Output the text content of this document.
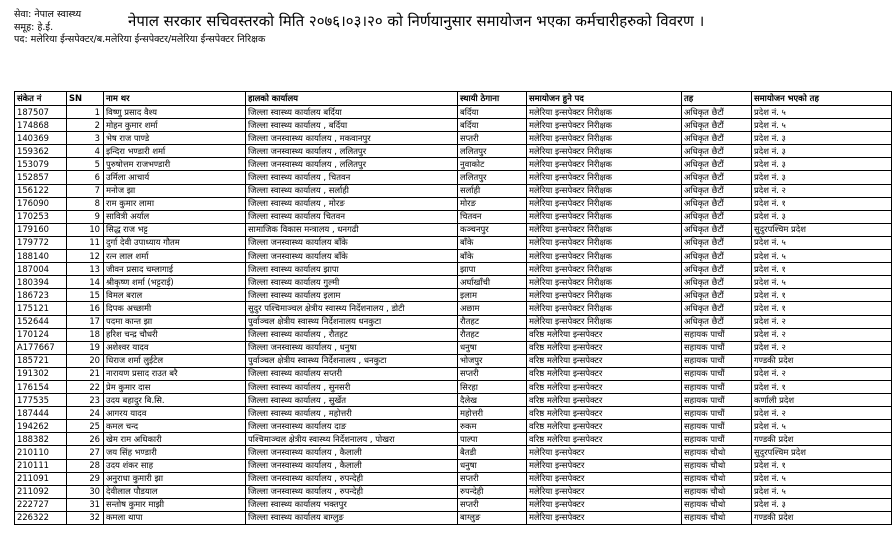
सेवा: नेपाल स्वास्थ्य
समूह: हे.ई.
पद: मलेरिया ईन्सपेक्टर/ब.मलेरिया ईन्सपेक्टर/मलेरिया ईन्सपेक्टर निरिक्षक
नेपाल सरकार सचिवस्तरको मिति २०७६।०३।२० को निर्णयानुसार समायोजन भएका कर्मचारीहरुको विवरण ।
संकेत नं	SN	नाम थर	हालको कार्यालय	स्थायी ठेगाना	समायोजन हुने पद	तह	समायोजन भएको तह
187507	1	विष्णु प्रसाद वैश्य	जिल्ला स्वास्थ्य कार्यालय बर्दिया	बर्दिया	मलेरिया इन्सपेक्टर निरीक्षक	अधिकृत छैटौं	प्रदेश नं. ५
174868	2	मोहन कुमार शर्मा	जिल्ला स्वास्थ्य कार्यालय , बर्दिया	बर्दिया	मलेरिया इन्सपेक्टर निरीक्षक	अधिकृत छैटौं	प्रदेश नं. ५
140369	3	भेष राज पाण्डे	जिल्ला जनस्वास्थ्य कार्यालय , मकवानपुर	सप्तरी	मलेरिया इन्सपेक्टर निरीक्षक	अधिकृत छैटौं	प्रदेश नं. ३
159362	4	इन्दिरा भण्डारी शर्मा	जिल्ला जनस्वास्थ्य कार्यालय , ललितपुर	ललितपुर	मलेरिया इन्सपेक्टर निरीक्षक	अधिकृत छैटौं	प्रदेश नं. ३
153079	5	पुरुषोत्तम राजभण्डारी	जिल्ला जनस्वास्थ्य कार्यालय , ललितपुर	नुवाकोट	मलेरिया इन्सपेक्टर निरीक्षक	अधिकृत छैटौं	प्रदेश नं. ३
152857	6	उर्मिला आचार्य	जिल्ला स्वास्थ्य कार्यालय , चितवन	ललितपुर	मलेरिया इन्सपेक्टर निरीक्षक	अधिकृत छैटौं	प्रदेश नं. ३
156122	7	मनोज झा	जिल्ला स्वास्थ्य कार्यालय , सर्लाही	सर्लाही	मलेरिया इन्सपेक्टर निरीक्षक	अधिकृत छैटौं	प्रदेश नं. २
176090	8	राम कुमार लामा	जिल्ला स्वास्थ्य कार्यालय , मोरङ	मोरङ	मलेरिया इन्सपेक्टर निरीक्षक	अधिकृत छैटौं	प्रदेश नं. १
170253	9	सावित्री अर्याल	जिल्ला स्वास्थ्य कार्यालय चितवन	चितवन	मलेरिया इन्सपेक्टर निरीक्षक	अधिकृत छैटौं	प्रदेश नं. ३
179160	10	सिद्ध राज भट्ट	सामाजिक विकास मन्त्रालय , धनगढी	कञ्चनपुर	मलेरिया इन्सपेक्टर निरीक्षक	अधिकृत छैटौं	सुदुरपश्चिम प्रदेश
179772	11	दुर्गा देवी उपाध्याय गौतम	जिल्ला जनस्वास्थ्य कार्यालय बाँके	बाँके	मलेरिया इन्सपेक्टर निरीक्षक	अधिकृत छैटौं	प्रदेश नं. ५
188140	12	रत्न लाल शर्मा	जिल्ला जनस्वास्थ्य कार्यालय बाँके	बाँके	मलेरिया इन्सपेक्टर निरीक्षक	अधिकृत छैटौं	प्रदेश नं. ५
187004	13	जीवन प्रसाद चम्लागाई	जिल्ला स्वास्थ्य कार्यालय झापा	झापा	मलेरिया इन्सपेक्टर निरीक्षक	अधिकृत छैटौं	प्रदेश नं. १
180394	14	श्रीकृष्ण शर्मा (भट्टराई)	जिल्ला स्वास्थ्य कार्यालय गुल्मी	अर्घाखाँची	मलेरिया इन्सपेक्टर निरीक्षक	अधिकृत छैटौं	प्रदेश नं. ५
186723	15	विमल बराल	जिल्ला स्वास्थ्य कार्यालय इलाम	इलाम	मलेरिया इन्सपेक्टर निरीक्षक	अधिकृत छैटौं	प्रदेश नं. १
175121	16	दिपक अच्छामी	सुदुर पश्चिमाञ्चल क्षेत्रीय स्वास्थ्य निर्देशनालय , डोटी	अछाम	मलेरिया इन्सपेक्टर निरीक्षक	अधिकृत छैटौं	प्रदेश नं. १
152644	17	पदमा कान्त झा	पुर्वाञ्चल क्षेत्रीय स्वास्थ्य निर्देशनालय धनकुटा	रौतहट	मलेरिया इन्सपेक्टर निरीक्षक	अधिकृत छैटौं	प्रदेश नं. २
170124	18	हरिश चन्द्र चौधरी	जिल्ला स्वास्थ्य कार्यालय , रौतहट	रौतहट	वरिष्ठ मलेरिया इन्सपेक्टर	सहायक पाचौं	प्रदेश नं. २
A177667	19	अशेश्वर यादव	जिल्ला जनस्वास्थ्य कार्यालय , धनुषा	धनुषा	वरिष्ठ मलेरिया इन्सपेक्टर	सहायक पाचौं	प्रदेश नं. २
185721	20	धिराज शर्मा लुईटेल	पुर्वाञ्चल क्षेत्रीय स्वास्थ्य निर्देशनालय , धनकुटा	भोजपुर	वरिष्ठ मलेरिया इन्सपेक्टर	सहायक पाचौं	गण्डकी प्रदेश
191302	21	नारायण प्रसाद राउत बरै	जिल्ला स्वास्थ्य कार्यालय सप्तरी	सप्तरी	वरिष्ठ मलेरिया इन्सपेक्टर	सहायक पाचौं	प्रदेश नं. २
176154	22	प्रेम कुमार दास	जिल्ला स्वास्थ्य कार्यालय , सुनसरी	सिरहा	वरिष्ठ मलेरिया इन्सपेक्टर	सहायक पाचौं	प्रदेश नं. १
177535	23	उदय बहादुर बि.सि.	जिल्ला स्वास्थ्य कार्यालय , सुर्खेत	दैलेख	वरिष्ठ मलेरिया इन्सपेक्टर	सहायक पाचौं	कर्णाली प्रदेश
187444	24	आगरय यादव	जिल्ला स्वास्थ्य कार्यालय , महोत्तरी	महोत्तरी	वरिष्ठ मलेरिया इन्सपेक्टर	सहायक पाचौं	प्रदेश नं. २
194262	25	कमल चन्द	जिल्ला जनस्वास्थ्य कार्यालय दाङ	रुकम	वरिष्ठ मलेरिया इन्सपेक्टर	सहायक पाचौं	प्रदेश नं. ५
188382	26	खेम राम अधिकारी	पश्चिमाञ्चल क्षेत्रीय स्वास्थ्य निर्देशनालय , पोखरा	पाल्पा	वरिष्ठ मलेरिया इन्सपेक्टर	सहायक पाचौं	गण्डकी प्रदेश
210110	27	जय सिंह भण्डारी	जिल्ला जनस्वास्थ्य कार्यालय , कैलाली	बैतडी	मलेरिया इन्सपेक्टर	सहायक चौथो	सुदुरपश्चिम प्रदेश
210111	28	उदय शंकर साह	जिल्ला जनस्वास्थ्य कार्यालय , कैलाली	धनुषा	मलेरिया इन्सपेक्टर	सहायक चौथो	प्रदेश नं. १
211091	29	अनुराधा कुमारी झा	जिल्ला जनस्वास्थ्य कार्यालय , रुपन्देही	सप्तरी	मलेरिया इन्सपेक्टर	सहायक चौथो	प्रदेश नं. ५
211092	30	देवीलाल पौडयाल	जिल्ला जनस्वास्थ्य कार्यालय , रुपन्देही	रुपन्देही	मलेरिया इन्सपेक्टर	सहायक चौथो	प्रदेश नं. ५
222727	31	सन्तोष कुमार माझी	जिल्ला स्वास्थ्य कार्यालय भक्तपुर	सप्तरी	मलेरिया इन्सपेक्टर	सहायक चौथो	प्रदेश नं. ३
226322	32	कमला थापा	जिल्ला स्वास्थ्य कार्यालय बाग्लुङ	बाग्लुङ	मलेरिया इन्सपेक्टर	सहायक चौथो	गण्डकी प्रदेश
